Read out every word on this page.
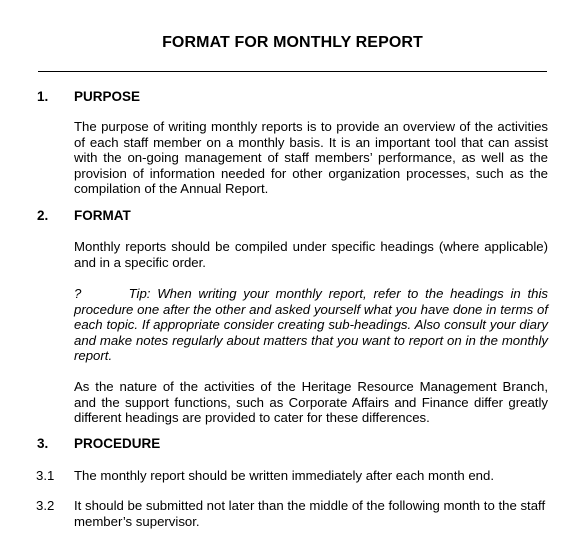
FORMAT FOR MONTHLY REPORT
1. PURPOSE
The purpose of writing monthly reports is to provide an overview of the activities of each staff member on a monthly basis. It is an important tool that can assist with the on-going management of staff members’ performance, as well as the provision of information needed for other organization processes, such as the compilation of the Annual Report.
2. FORMAT
Monthly reports should be compiled under specific headings (where applicable) and in a specific order.
?       Tip: When writing your monthly report, refer to the headings in this procedure one after the other and asked yourself what you have done in terms of each topic. If appropriate consider creating sub-headings. Also consult your diary and make notes regularly about matters that you want to report on in the monthly report.
As the nature of the activities of the Heritage Resource Management Branch, and the support functions, such as Corporate Affairs and Finance differ greatly different headings are provided to cater for these differences.
3. PROCEDURE
3.1 The monthly report should be written immediately after each month end.
3.2 It should be submitted not later than the middle of the following month to the staff member’s supervisor.
